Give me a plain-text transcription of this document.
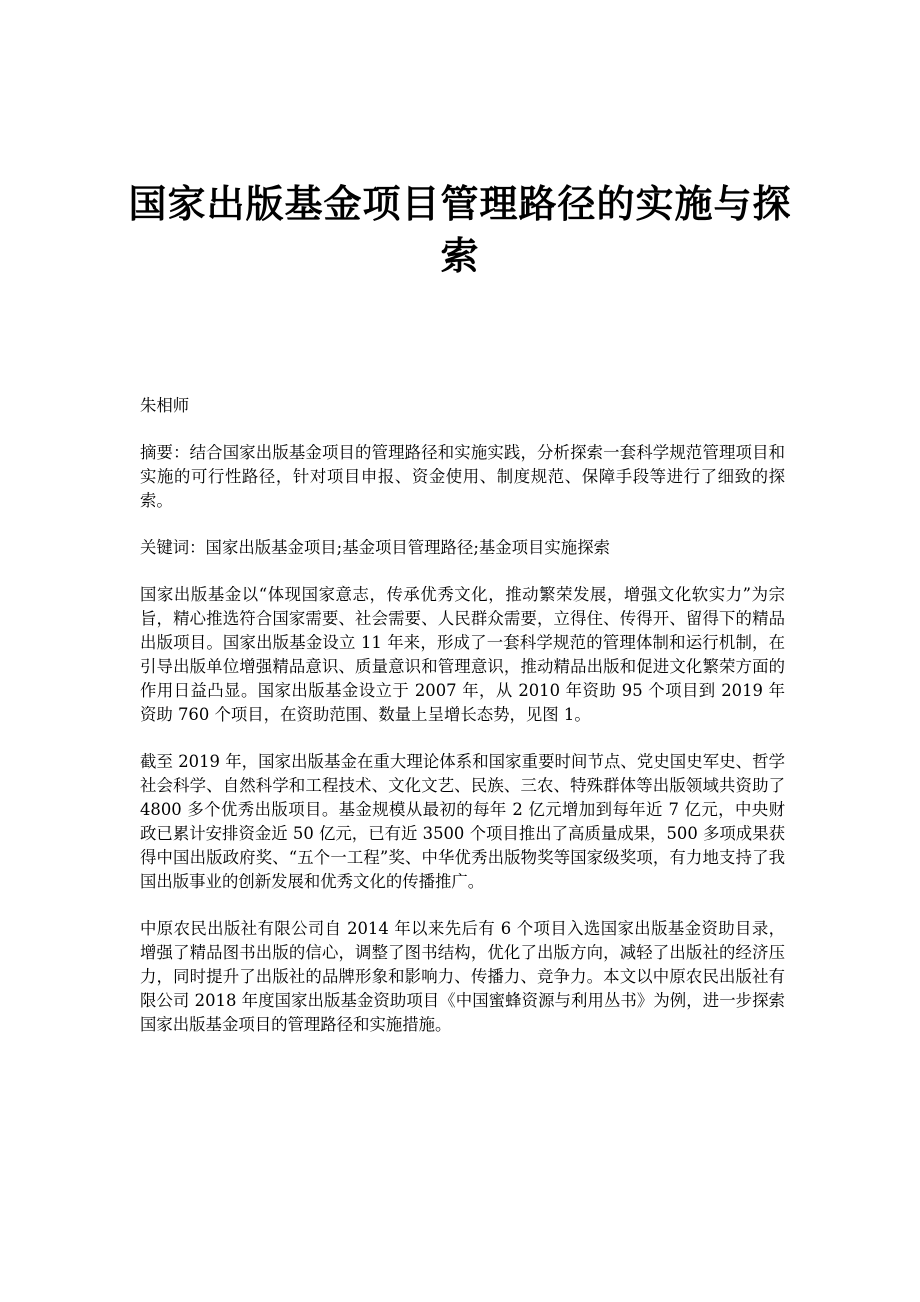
国家出版基金项目管理路径的实施与探索

朱相师

摘要：结合国家出版基金项目的管理路径和实施实践，分析探索一套科学规范管理项目和实施的可行性路径，针对项目申报、资金使用、制度规范、保障手段等进行了细致的探索。

关键词：国家出版基金项目;基金项目管理路径;基金项目实施探索

国家出版基金以“体现国家意志，传承优秀文化，推动繁荣发展，增强文化软实力”为宗旨，精心推选符合国家需要、社会需要、人民群众需要，立得住、传得开、留得下的精品出版项目。国家出版基金设立 11 年来，形成了一套科学规范的管理体制和运行机制，在引导出版单位增强精品意识、质量意识和管理意识，推动精品出版和促进文化繁荣方面的作用日益凸显。国家出版基金设立于 2007 年，从 2010 年资助 95 个项目到 2019 年资助 760 个项目，在资助范围、数量上呈增长态势，见图 1。

截至 2019 年，国家出版基金在重大理论体系和国家重要时间节点、党史国史军史、哲学社会科学、自然科学和工程技术、文化文艺、民族、三农、特殊群体等出版领域共资助了 4800 多个优秀出版项目。基金规模从最初的每年 2 亿元增加到每年近 7 亿元，中央财政已累计安排资金近 50 亿元，已有近 3500 个项目推出了高质量成果，500 多项成果获得中国出版政府奖、“五个一工程”奖、中华优秀出版物奖等国家级奖项，有力地支持了我国出版事业的创新发展和优秀文化的传播推广。

中原农民出版社有限公司自 2014 年以来先后有 6 个项目入选国家出版基金资助目录，增强了精品图书出版的信心，调整了图书结构，优化了出版方向，减轻了出版社的经济压力，同时提升了出版社的品牌形象和影响力、传播力、竞争力。本文以中原农民出版社有限公司 2018 年度国家出版基金资助项目《中国蜜蜂资源与利用丛书》为例，进一步探索国家出版基金项目的管理路径和实施措施。
